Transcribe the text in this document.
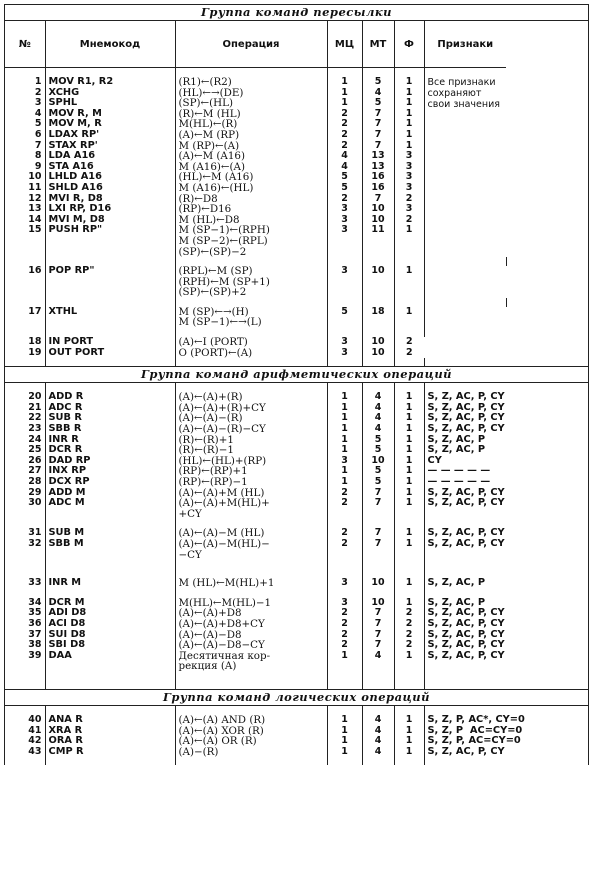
Группа команд пересылки
№	Мнемокод	Операция	МЦ	МТ	Ф	Признаки	

1	MOV R1, R2	(R1)←(R2)	1	5	1	Все признаки сохраняют свои значения	
2	XCHG	(HL)←→(DE)	1	4	1		
3	SPHL	(SP)←(HL)	1	5	1		
4	MOV R, M	(R)←M (HL)	2	7	1		
5	MOV M, R	M(HL)←(R)	2	7	1		
6	LDAX RP'	(A)←M (RP)	2	7	1		
7	STAX RP'	M (RP)←(A)	2	7	1		
8	LDA A16	(A)←M (A16)	4	13	3		
9	STA A16	M (A16)←(A)	4	13	3		
10	LHLD A16	(HL)←M (A16)	5	16	3		
11	SHLD A16	M (A16)←(HL)	5	16	3		
12	MVI R, D8	(R)←D8	2	7	2		
13	LXI RP, D16	(RP)←D16	3	10	3		
14	MVI M, D8	M (HL)←D8	3	10	2		
15	PUSH RP"	M (SP−1)←(RPH)
M (SP−2)←(RPL)
(SP)←(SP)−2	3	11	1		

16	POP RP"	(RPL)←M (SP)
(RPH)←M (SP+1)
(SP)←(SP)+2	3	10	1		

17	XTHL	M (SP)←→(H)
M (SP−1)←→(L)	5	18	1		

18	IN PORT	(A)←I (PORT)	3	10	2		
19	OUT PORT	O (PORT)←(A)	3	10	2		

Группа команд арифметических операций

20	ADD R	(A)←(A)+(R)	1	4	1	S, Z, AC, P, CY
21	ADC R	(A)←(A)+(R)+CY	1	4	1	S, Z, AC, P, CY
22	SUB R	(A)←(A)−(R)	1	4	1	S, Z, AC, P, CY
23	SBB R	(A)←(A)−(R)−CY	1	4	1	S, Z, AC, P, CY
24	INR R	(R)←(R)+1	1	5	1	S, Z, AC, P
25	DCR R	(R)←(R)−1	1	5	1	S, Z, AC, P
26	DAD RP	(HL)←(HL)+(RP)	3	10	1	CY
27	INX RP	(RP)←(RP)+1	1	5	1	— — — — —
28	DCX RP	(RP)←(RP)−1	1	5	1	— — — — —
29	ADD M	(A)←(A)+M (HL)	2	7	1	S, Z, AC, P, CY
30	ADC M	(A)←(A)+M(HL)+
+CY	2	7	1	S, Z, AC, P, CY

31	SUB M	(A)←(A)−M (HL)	2	7	1	S, Z, AC, P, CY
32	SBB M	(A)←(A)−M(HL)−
−CY	2	7	1	S, Z, AC, P, CY

33	INR M	M (HL)←M(HL)+1	3	10	1	S, Z, AC, P

34	DCR M	M(HL)←M(HL)−1	3	10	1	S, Z, AC, P
35	ADI D8	(A)←(A)+D8	2	7	2	S, Z, AC, P, CY
36	ACI D8	(A)←(A)+D8+CY	2	7	2	S, Z, AC, P, CY
37	SUI D8	(A)←(A)−D8	2	7	2	S, Z, AC, P, CY
38	SBI D8	(A)←(A)−D8−CY	2	7	2	S, Z, AC, P, CY
39	DAA	Десятичная кор-
рекция (A)	1	4	1	S, Z, AC, P, CY

Группа команд логических операций

40	ANA R	(A)←(A) AND (R)	1	4	1	S, Z, P, AC*, CY=0
41	XRA R	(A)←(A) XOR (R)	1	4	1	S, Z, P  AC=CY=0
42	ORA R	(A)←(A) OR (R)	1	4	1	S, Z, P, AC=CY=0
43	CMP R	(A)−(R)	1	4	1	S, Z, AC, P, CY
